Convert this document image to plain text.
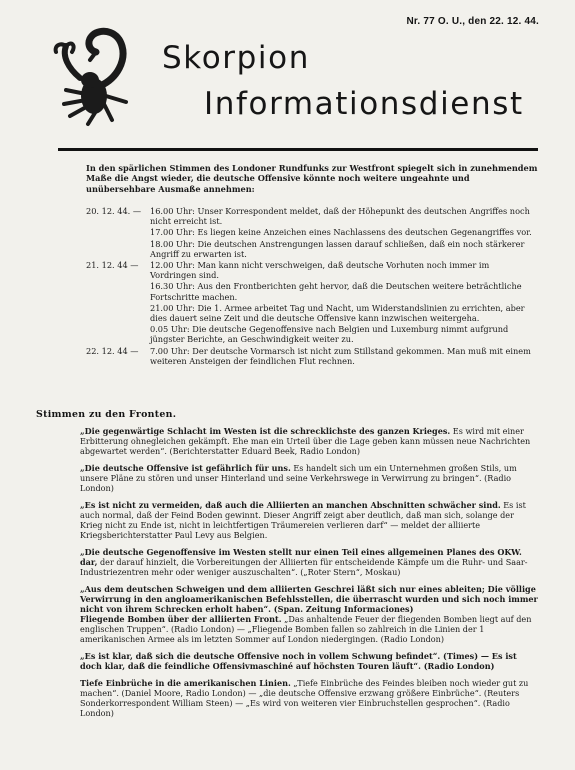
Nr. 77 O. U., den 22. 12. 44.
Skorpion
Informationsdienst
In den spärlichen Stimmen des Londoner Rundfunks zur Westfront spiegelt sich in zunehmendem Maße die Angst wieder, die deutsche Offensive könnte noch weitere ungeahnte und unübersehbare Ausmaße annehmen:
20. 12. 44. —	16.00 Uhr: Unser Korrespondent meldet, daß der Höhepunkt des deutschen Angriffes noch nicht erreicht ist.
17.00 Uhr: Es liegen keine Anzeichen eines Nachlassens des deutschen Gegenangriffes vor.
18.00 Uhr: Die deutschen Anstrengungen lassen darauf schließen, daß ein noch stärkerer Angriff zu erwarten ist.
21. 12. 44 —	12.00 Uhr: Man kann nicht verschweigen, daß deutsche Vorhuten noch immer im Vordringen sind.
16.30 Uhr: Aus den Frontberichten geht hervor, daß die Deutschen weitere beträchtliche Fortschritte machen.
21.00 Uhr: Die 1. Armee arbeitet Tag und Nacht, um Widerstandslinien zu errichten, aber dies dauert seine Zeit und die deutsche Offensive kann inzwischen weitergeha.
0.05 Uhr: Die deutsche Gegenoffensive nach Belgien und Luxemburg nimmt aufgrund jüngster Berichte, an Geschwindigkeit weiter zu.
22. 12. 44 —	7.00 Uhr: Der deutsche Vormarsch ist nicht zum Stillstand gekommen. Man muß mit einem weiteren Ansteigen der feindlichen Flut rechnen.
Stimmen zu den Fronten.
„Die gegenwärtige Schlacht im Westen ist die schrecklichste des ganzen Krieges. Es wird mit einer Erbitterung ohnegleichen gekämpft. Ehe man ein Urteil über die Lage geben kann müssen neue Nachrichten abgewartet werden“. (Berichterstatter Eduard Beek, Radio London)
„Die deutsche Offensive ist gefährlich für uns. Es handelt sich um ein Unternehmen großen Stils, um unsere Pläne zu stören und unser Hinterland und seine Verkehrswege in Verwirrung zu bringen“. (Radio London)
„Es ist nicht zu vermeiden, daß auch die Alliierten an manchen Abschnitten schwächer sind. Es ist auch normal, daß der Feind Boden gewinnt. Dieser Angriff zeigt aber deutlich, daß man sich, solange der Krieg nicht zu Ende ist, nicht in leichtfertigen Träumereien verlieren darf“ — meldet der alliierte Kriegsberichterstatter Paul Levy aus Belgien.
„Die deutsche Gegenoffensive im Westen stellt nur einen Teil eines allgemeinen Planes des OKW. dar, der darauf hinzielt, die Vorbereitungen der Alliierten für entscheidende Kämpfe um die Ruhr- und Saar-Industriezentren mehr oder weniger auszuschalten“. („Roter Stern“, Moskau)
„Aus dem deutschen Schweigen und dem alliierten Geschrei läßt sich nur eines ableiten; Die völlige Verwirrung in den angloamerikanischen Befehlsstellen, die überrascht wurden und sich noch immer nicht von ihrem Schrecken erholt haben“. (Span. Zeitung Informaciones)
Fliegende Bomben über der alliierten Front. „Das anhaltende Feuer der fliegenden Bomben liegt auf den englischen Truppen“. (Radio London) — „Fliegende Bomben fallen so zahlreich in die Linien der 1 amerikanischen Armee als im letzten Sommer auf London niedergingen. (Radio London)
„Es ist klar, daß sich die deutsche Offensive noch in vollem Schwung befindet“. (Times) — Es ist doch klar, daß die feindliche Offensivmaschiné auf höchsten Touren läuft“. (Radio London)
Tiefe Einbrüche in die amerikanischen Linien. „Tiefe Einbrüche des Feindes bleiben noch wieder gut zu machen“. (Daniel Moore, Radio London) — „die deutsche Offensive erzwang größere Einbrüche“. (Reuters Sonderkorrespondent William Steen) — „Es wird von weiteren vier Einbruchstellen gesprochen“. (Radio London)
